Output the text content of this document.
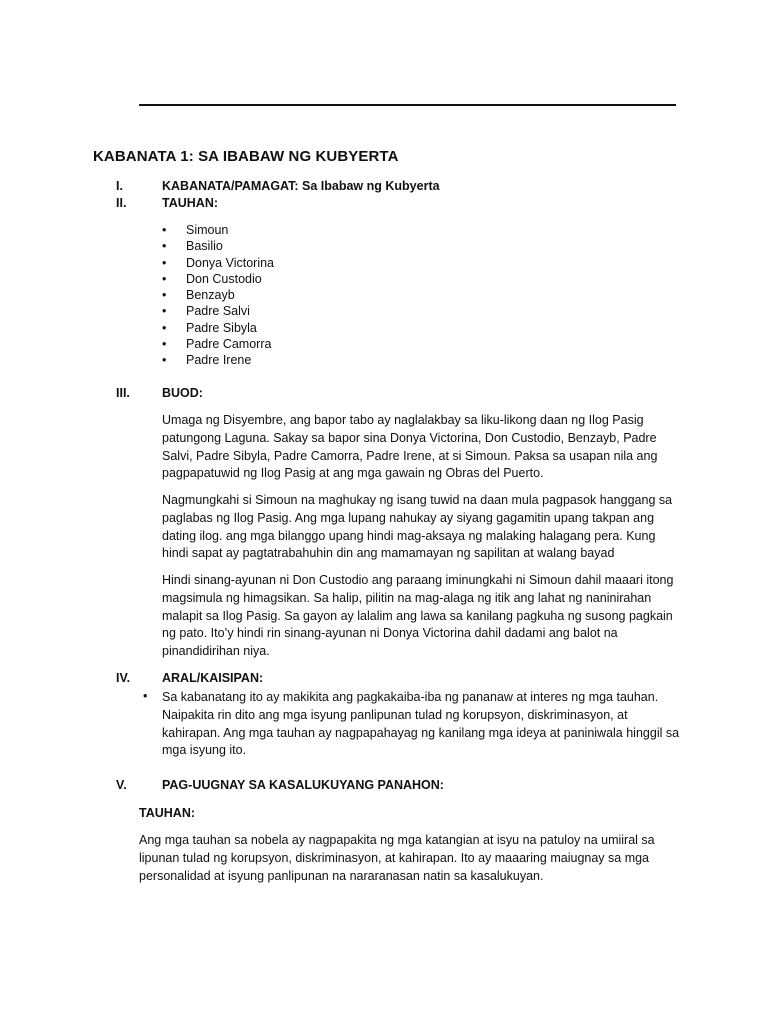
KABANATA 1: SA IBABAW NG KUBYERTA
I.	KABANATA/PAMAGAT: Sa Ibabaw ng Kubyerta
II.	TAUHAN:
• Simoun
• Basilio
• Donya Victorina
• Don Custodio
• Benzayb
• Padre Salvi
• Padre Sibyla
• Padre Camorra
• Padre Irene
III.	BUOD:
Umaga ng Disyembre, ang bapor tabo ay naglalakbay sa liku-likong daan ng Ilog Pasig patungong Laguna. Sakay sa bapor sina Donya Victorina, Don Custodio, Benzayb, Padre Salvi, Padre Sibyla, Padre Camorra, Padre Irene, at si Simoun. Paksa sa usapan nila ang pagpapatuwid ng Ilog Pasig at ang mga gawain ng Obras del Puerto.
Nagmungkahi si Simoun na maghukay ng isang tuwid na daan mula pagpasok hanggang sa paglabas ng Ilog Pasig. Ang mga lupang nahukay ay siyang gagamitin upang takpan ang dating ilog. ang mga bilanggo upang hindi mag-aksaya ng malaking halagang pera. Kung hindi sapat ay pagtatrabahuhin din ang mamamayan ng sapilitan at walang bayad
Hindi sinang-ayunan ni Don Custodio ang paraang iminungkahi ni Simoun dahil maaari itong magsimula ng himagsikan. Sa halip, pilitin na mag-alaga ng itik ang lahat ng naninirahan malapit sa Ilog Pasig. Sa gayon ay lalalim ang lawa sa kanilang pagkuha ng susong pagkain ng pato. Ito’y hindi rin sinang-ayunan ni Donya Victorina dahil dadami ang balot na pinandidirihan niya.
IV.	ARAL/KAISIPAN:
• Sa kabanatang ito ay makikita ang pagkakaiba-iba ng pananaw at interes ng mga tauhan. Naipakita rin dito ang mga isyung panlipunan tulad ng korupsyon, diskriminasyon, at kahirapan. Ang mga tauhan ay nagpapahayag ng kanilang mga ideya at paniniwala hinggil sa mga isyung ito.
V.	PAG-UUGNAY SA KASALUKUYANG PANAHON:
TAUHAN:
Ang mga tauhan sa nobela ay nagpapakita ng mga katangian at isyu na patuloy na umiiral sa lipunan tulad ng korupsyon, diskriminasyon, at kahirapan. Ito ay maaaring maiugnay sa mga personalidad at isyung panlipunan na nararanasan natin sa kasalukuyan.
